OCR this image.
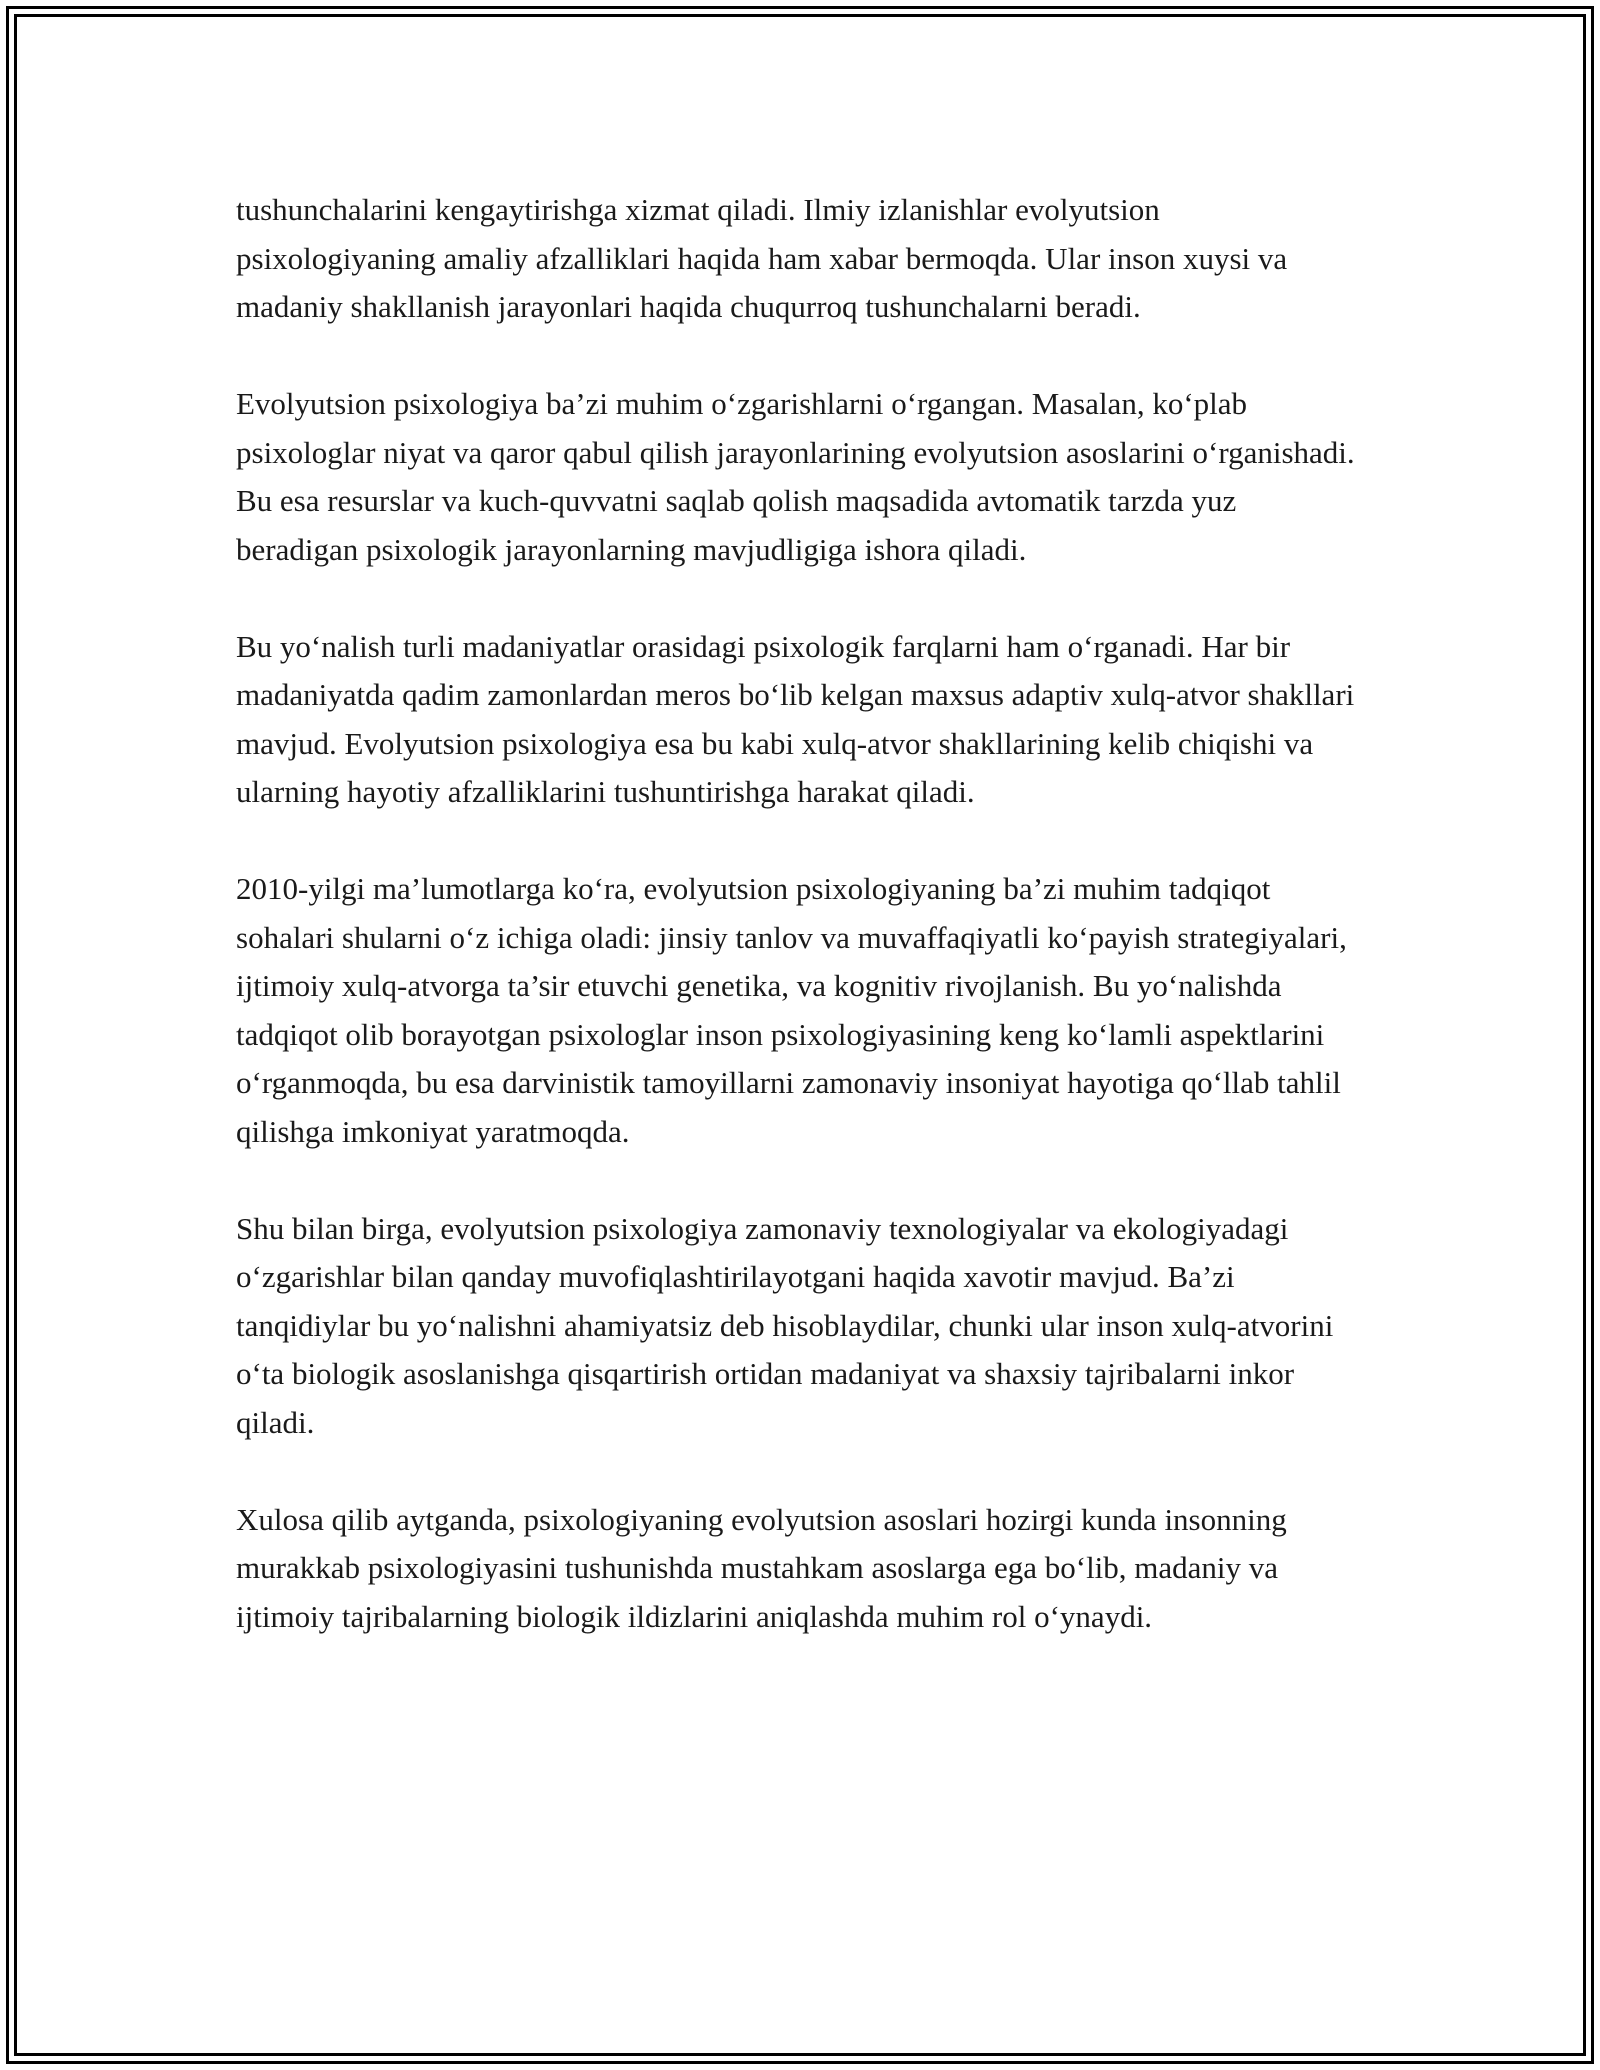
tushunchalarini kengaytirishga xizmat qiladi. Ilmiy izlanishlar evolyutsion psixologiyaning amaliy afzalliklari haqida ham xabar bermoqda. Ular inson xuysi va madaniy shakllanish jarayonlari haqida chuqurroq tushunchalarni beradi.

Evolyutsion psixologiya ba’zi muhim o‘zgarishlarni o‘rgangan. Masalan, ko‘plab psixologlar niyat va qaror qabul qilish jarayonlarining evolyutsion asoslarini o‘rganishadi. Bu esa resurslar va kuch-quvvatni saqlab qolish maqsadida avtomatik tarzda yuz beradigan psixologik jarayonlarning mavjudligiga ishora qiladi.

Bu yo‘nalish turli madaniyatlar orasidagi psixologik farqlarni ham o‘rganadi. Har bir madaniyatda qadim zamonlardan meros bo‘lib kelgan maxsus adaptiv xulq-atvor shakllari mavjud. Evolyutsion psixologiya esa bu kabi xulq-atvor shakllarining kelib chiqishi va ularning hayotiy afzalliklarini tushuntirishga harakat qiladi.

2010-yilgi ma’lumotlarga ko‘ra, evolyutsion psixologiyaning ba’zi muhim tadqiqot sohalari shularni o‘z ichiga oladi: jinsiy tanlov va muvaffaqiyatli ko‘payish strategiyalari, ijtimoiy xulq-atvorga ta’sir etuvchi genetika, va kognitiv rivojlanish. Bu yo‘nalishda tadqiqot olib borayotgan psixologlar inson psixologiyasining keng ko‘lamli aspektlarini o‘rganmoqda, bu esa darvinistik tamoyillarni zamonaviy insoniyat hayotiga qo‘llab tahlil qilishga imkoniyat yaratmoqda.

Shu bilan birga, evolyutsion psixologiya zamonaviy texnologiyalar va ekologiyadagi o‘zgarishlar bilan qanday muvofiqlashtirilayotgani haqida xavotir mavjud. Ba’zi tanqidiylar bu yo‘nalishni ahamiyatsiz deb hisoblaydilar, chunki ular inson xulq-atvorini o‘ta biologik asoslanishga qisqartirish ortidan madaniyat va shaxsiy tajribalarni inkor qiladi.

Xulosa qilib aytganda, psixologiyaning evolyutsion asoslari hozirgi kunda insonning murakkab psixologiyasini tushunishda mustahkam asoslarga ega bo‘lib, madaniy va ijtimoiy tajribalarning biologik ildizlarini aniqlashda muhim rol o‘ynaydi.
